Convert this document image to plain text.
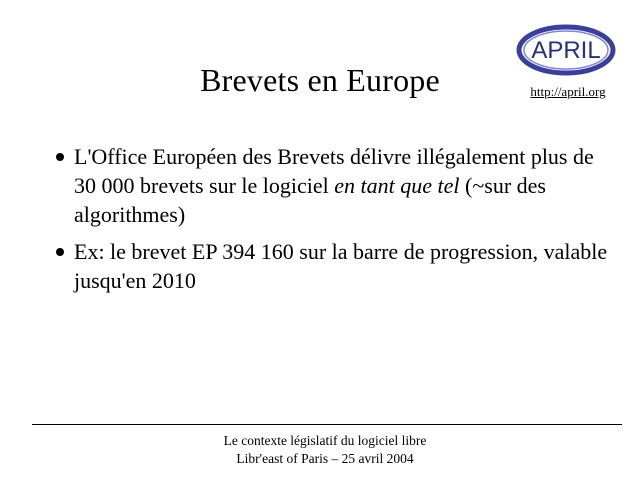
Brevets en Europe
APRIL
http://april.org
L'Office Européen des Brevets délivre illégalement plus de 30 000 brevets sur le logiciel en tant que tel (~sur des algorithmes)
Ex: le brevet EP 394 160 sur la barre de progression, valable jusqu'en 2010
Le contexte législatif du logiciel libre
Libr'east of Paris – 25 avril 2004
